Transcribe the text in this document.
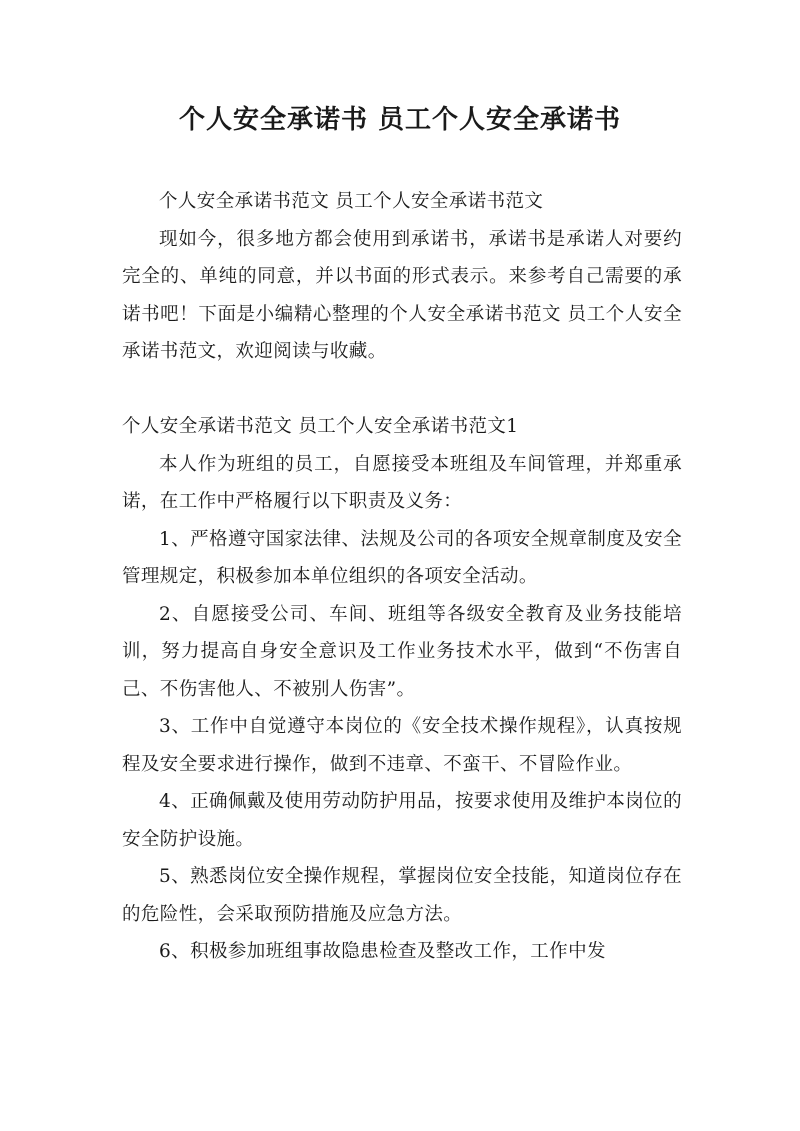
个人安全承诺书 员工个人安全承诺书

个人安全承诺书范文 员工个人安全承诺书范文

现如今，很多地方都会使用到承诺书，承诺书是承诺人对要约完全的、单纯的同意，并以书面的形式表示。来参考自己需要的承诺书吧！下面是小编精心整理的个人安全承诺书范文 员工个人安全承诺书范文，欢迎阅读与收藏。

个人安全承诺书范文 员工个人安全承诺书范文1

本人作为班组的员工，自愿接受本班组及车间管理，并郑重承诺，在工作中严格履行以下职责及义务：

1、严格遵守国家法律、法规及公司的各项安全规章制度及安全管理规定，积极参加本单位组织的各项安全活动。

2、自愿接受公司、车间、班组等各级安全教育及业务技能培训，努力提高自身安全意识及工作业务技术水平，做到“不伤害自己、不伤害他人、不被别人伤害”。

3、工作中自觉遵守本岗位的《安全技术操作规程》，认真按规程及安全要求进行操作，做到不违章、不蛮干、不冒险作业。

4、正确佩戴及使用劳动防护用品，按要求使用及维护本岗位的安全防护设施。

5、熟悉岗位安全操作规程，掌握岗位安全技能，知道岗位存在的危险性，会采取预防措施及应急方法。

6、积极参加班组事故隐患检查及整改工作，工作中发
